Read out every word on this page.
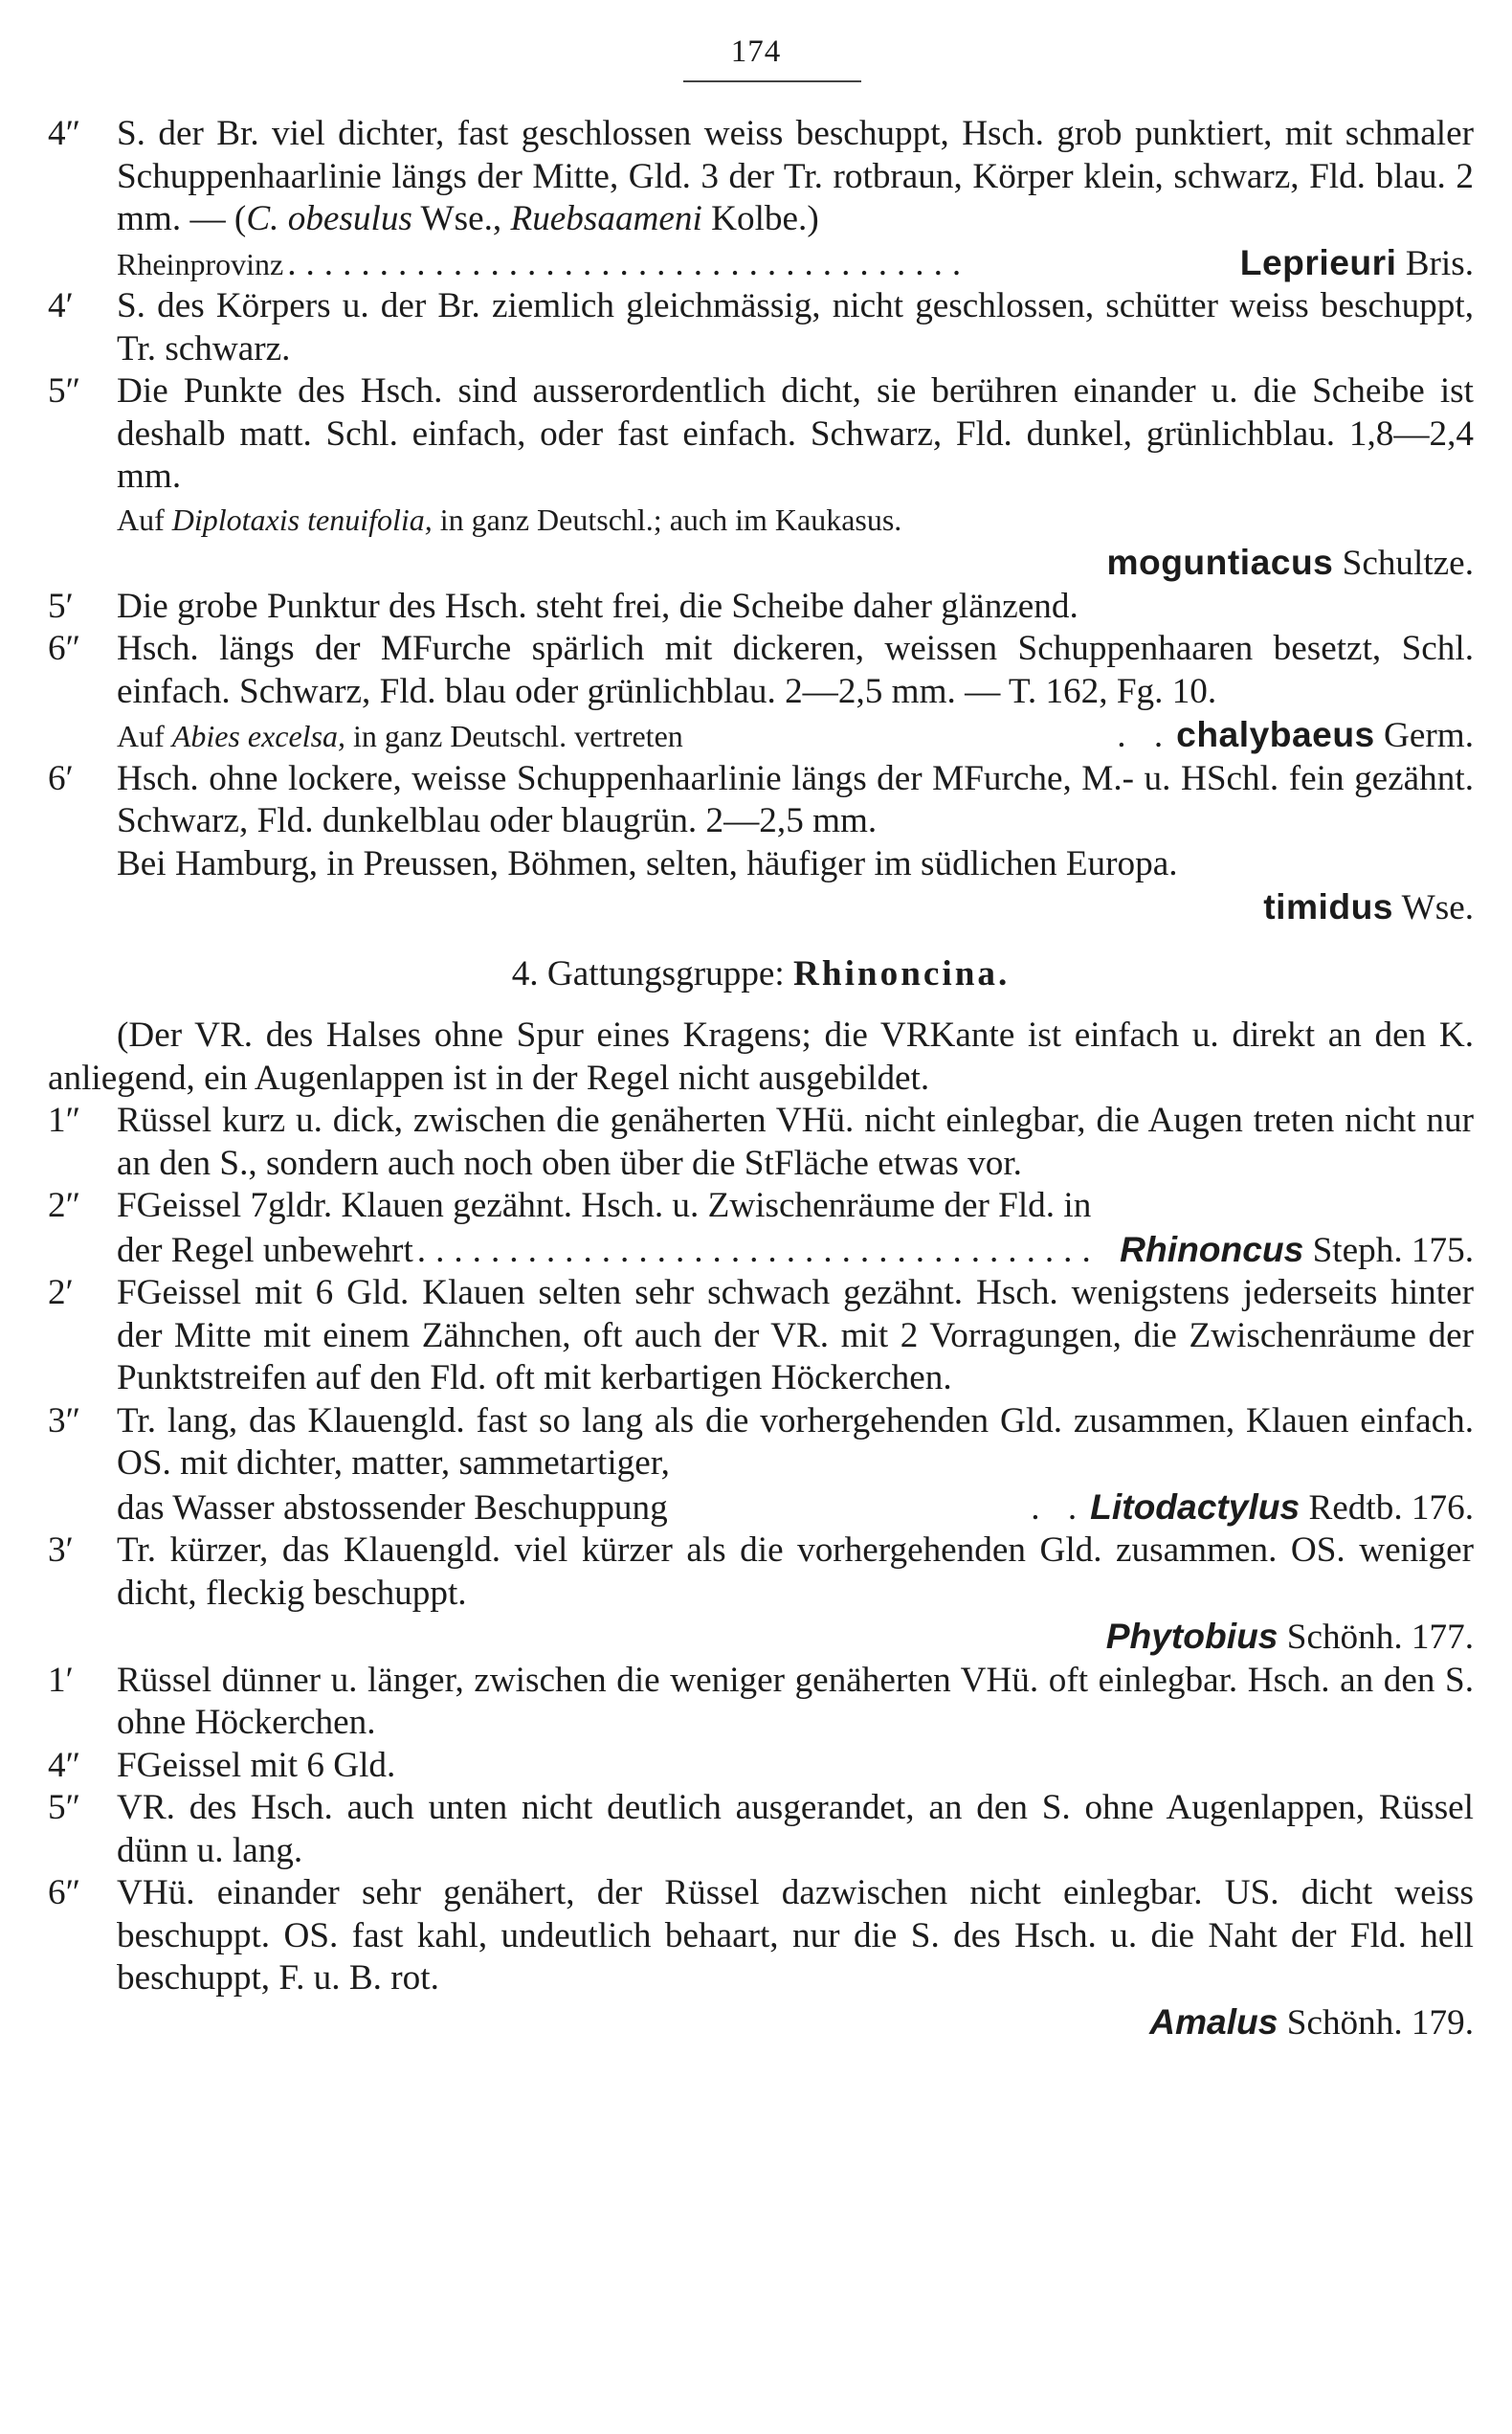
174
4″	S. der Br. viel dichter, fast geschlossen weiss beschuppt, Hsch. grob punktiert, mit schmaler Schuppenhaarlinie längs der Mitte, Gld. 3 der Tr. rotbraun, Körper klein, schwarz, Fld. blau. 2 mm. — (C. obesulus Wse., Ruebsaameni Kolbe.)
Rheinprovinz .....................................	Leprieuri Bris.
4′	S. des Körpers u. der Br. ziemlich gleichmässig, nicht geschlossen, schütter weiss beschuppt, Tr. schwarz.
5″	Die Punkte des Hsch. sind ausserordentlich dicht, sie berühren einander u. die Scheibe ist deshalb matt. Schl. einfach, oder fast einfach. Schwarz, Fld. dunkel, grünlichblau. 1,8—2,4 mm.
Auf Diplotaxis tenuifolia, in ganz Deutschl.; auch im Kaukasus.
moguntiacus Schultze.
5′	Die grobe Punktur des Hsch. steht frei, die Scheibe daher glänzend.
6″	Hsch. längs der MFurche spärlich mit dickeren, weissen Schuppenhaaren besetzt, Schl. einfach. Schwarz, Fld. blau oder grünlichblau. 2—2,5 mm. — T. 162, Fg. 10.
Auf Abies excelsa, in ganz Deutschl. vertreten	. . chalybaeus Germ.
6′	Hsch. ohne lockere, weisse Schuppenhaarlinie längs der MFurche, M.- u. HSchl. fein gezähnt. Schwarz, Fld. dunkelblau oder blaugrün. 2—2,5 mm.
Bei Hamburg, in Preussen, Böhmen, selten, häufiger im südlichen Europa.
timidus Wse.
4. Gattungsgruppe: Rhinoncina.
(Der VR. des Halses ohne Spur eines Kragens; die VRKante ist einfach u. direkt an den K. anliegend, ein Augenlappen ist in der Regel nicht ausgebildet.
1″	Rüssel kurz u. dick, zwischen die genäherten VHü. nicht einlegbar, die Augen treten nicht nur an den S., sondern auch noch oben über die StFläche etwas vor.
2″	FGeissel 7gldr. Klauen gezähnt. Hsch. u. Zwischenräume der Fld. in
der Regel unbewehrt ..................................... Rhinoncus Steph. 175.
2′	FGeissel mit 6 Gld. Klauen selten sehr schwach gezähnt. Hsch. wenigstens jederseits hinter der Mitte mit einem Zähnchen, oft auch der VR. mit 2 Vorragungen, die Zwischenräume der Punktstreifen auf den Fld. oft mit kerbartigen Höckerchen.
3″	Tr. lang, das Klauengld. fast so lang als die vorhergehenden Gld. zusammen, Klauen einfach. OS. mit dichter, matter, sammetartiger,
das Wasser abstossender Beschuppung	. . Litodactylus Redtb. 176.
3′	Tr. kürzer, das Klauengld. viel kürzer als die vorhergehenden Gld. zusammen. OS. weniger dicht, fleckig beschuppt.
Phytobius Schönh. 177.
1′	Rüssel dünner u. länger, zwischen die weniger genäherten VHü. oft einlegbar. Hsch. an den S. ohne Höckerchen.
4″	FGeissel mit 6 Gld.
5″	VR. des Hsch. auch unten nicht deutlich ausgerandet, an den S. ohne Augenlappen, Rüssel dünn u. lang.
6″	VHü. einander sehr genähert, der Rüssel dazwischen nicht einlegbar. US. dicht weiss beschuppt. OS. fast kahl, undeutlich behaart, nur die S. des Hsch. u. die Naht der Fld. hell beschuppt, F. u. B. rot.
Amalus Schönh. 179.
